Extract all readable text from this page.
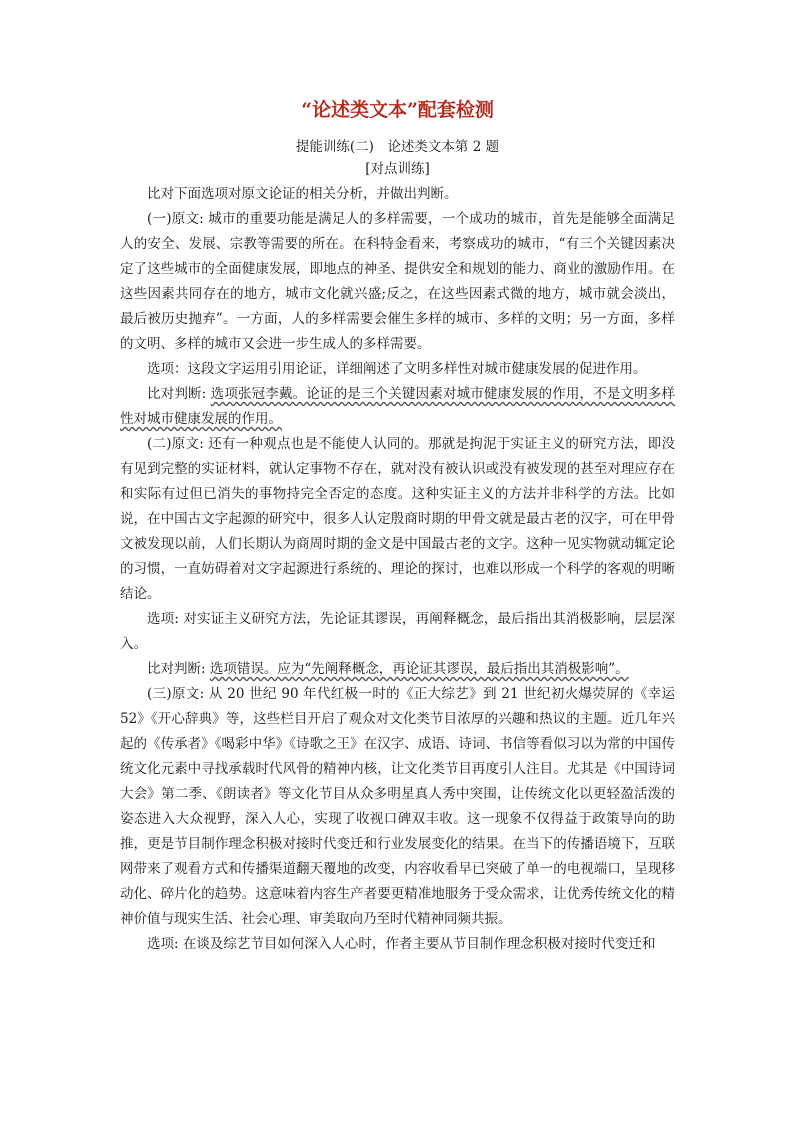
“论述类文本”配套检测
提能训练(二)　论述类文本第 2 题
[对点训练]

比对下面选项对原文论证的相关分析，并做出判断。

(一)原文: 城市的重要功能是满足人的多样需要，一个成功的城市，首先是能够全面满足人的安全、发展、宗教等需要的所在。在科特金看来，考察成功的城市，“有三个关键因素决定了这些城市的全面健康发展，即地点的神圣、提供安全和规划的能力、商业的激励作用。在这些因素共同存在的地方，城市文化就兴盛;反之，在这些因素式微的地方，城市就会淡出，最后被历史抛弃”。一方面，人的多样需要会催生多样的城市、多样的文明；另一方面，多样的文明、多样的城市又会进一步生成人的多样需要。

选项：这段文字运用引用论证，详细阐述了文明多样性对城市健康发展的促进作用。

比对判断: 选项张冠李戴。论证的是三个关键因素对城市健康发展的作用，不是文明多样性对城市健康发展的作用。

(二)原文: 还有一种观点也是不能使人认同的。那就是拘泥于实证主义的研究方法，即没有见到完整的实证材料，就认定事物不存在，就对没有被认识或没有被发现的甚至对理应存在和实际有过但已消失的事物持完全否定的态度。这种实证主义的方法并非科学的方法。比如说，在中国古文字起源的研究中，很多人认定殷商时期的甲骨文就是最古老的汉字，可在甲骨文被发现以前，人们长期认为商周时期的金文是中国最古老的文字。这种一见实物就动辄定论的习惯，一直妨碍着对文字起源进行系统的、理论的探讨，也难以形成一个科学的客观的明晰结论。

选项: 对实证主义研究方法，先论证其谬误，再阐释概念，最后指出其消极影响，层层深入。

比对判断: 选项错误。应为“先阐释概念，再论证其谬误，最后指出其消极影响”。

(三)原文: 从 20 世纪 90 年代红极一时的《正大综艺》到 21 世纪初火爆荧屏的《幸运 52》《开心辞典》等，这些栏目开启了观众对文化类节目浓厚的兴趣和热议的主题。近几年兴起的《传承者》《喝彩中华》《诗歌之王》在汉字、成语、诗词、书信等看似习以为常的中国传统文化元素中寻找承载时代风骨的精神内核，让文化类节目再度引人注目。尤其是《中国诗词大会》第二季、《朗读者》等文化节目从众多明星真人秀中突围，让传统文化以更轻盈活泼的姿态进入大众视野，深入人心，实现了收视口碑双丰收。这一现象不仅得益于政策导向的助推，更是节目制作理念积极对接时代变迁和行业发展变化的结果。在当下的传播语境下，互联网带来了观看方式和传播渠道翻天覆地的改变，内容收看早已突破了单一的电视端口，呈现移动化、碎片化的趋势。这意味着内容生产者要更精准地服务于受众需求，让优秀传统文化的精神价值与现实生活、社会心理、审美取向乃至时代精神同频共振。

选项: 在谈及综艺节目如何深入人心时，作者主要从节目制作理念积极对接时代变迁和
